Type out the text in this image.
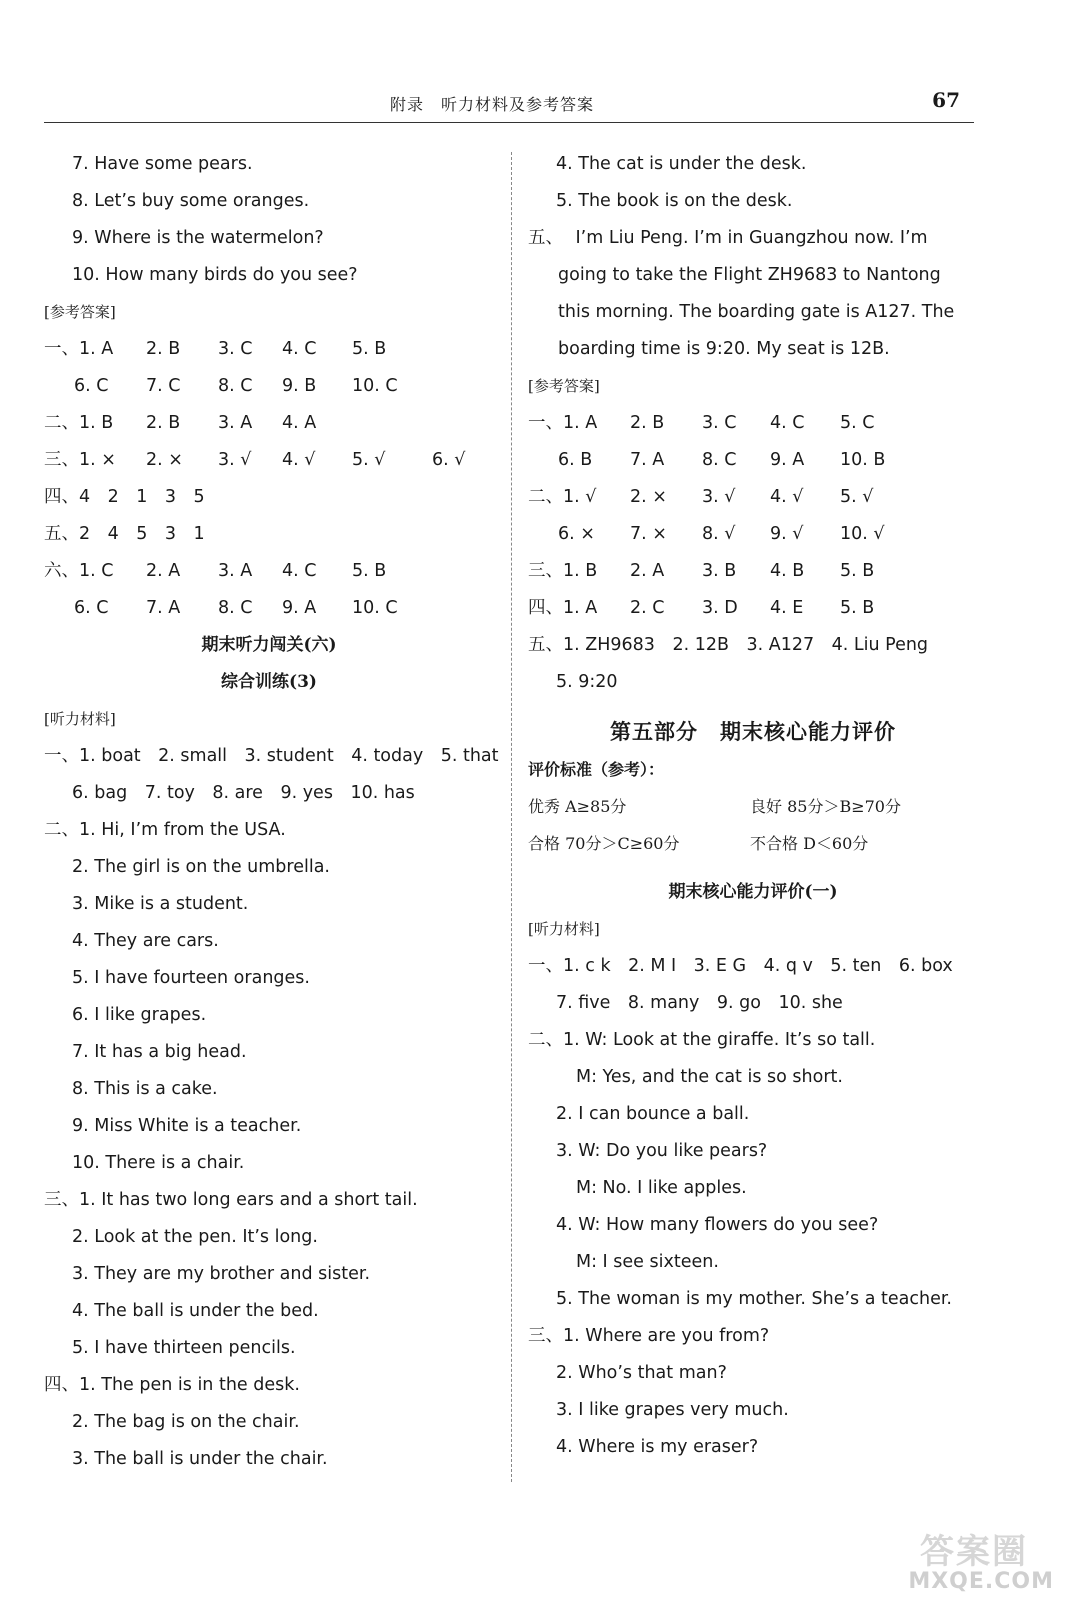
附录　听力材料及参考答案	67
7. Have some pears.
8. Let’s buy some oranges.
9. Where is the watermelon?
10. How many birds do you see?
[参考答案]
一、1. A 2. B 3. C 4. C 5. B
6. C 7. C 8. C 9. B 10. C
二、1. B 2. B 3. A 4. A
三、1. × 2. × 3. √ 4. √ 5. √	6. √
四、4　2　1　3　5
五、2　4　5　3　1
六、1. C 2. A 3. A 4. C 5. B
6. C 7. A 8. C 9. A 10. C
期末听力闯关(六)
综合训练(3)
[听力材料]
一、1. boat　2. small　3. student　4. today　5. that
6. bag　7. toy　8. are　9. yes　10. has
二、1. Hi, I’m from the USA.
2. The girl is on the umbrella.
3. Mike is a student.
4. They are cars.
5. I have fourteen oranges.
6. I like grapes.
7. It has a big head.
8. This is a cake.
9. Miss White is a teacher.
10. There is a chair.
三、1. It has two long ears and a short tail.
2. Look at the pen. It’s long.
3. They are my brother and sister.
4. The ball is under the bed.
5. I have thirteen pencils.
四、1. The pen is in the desk.
2. The bag is on the chair.
3. The ball is under the chair.
4. The cat is under the desk.
5. The book is on the desk.
五、
　I’m Liu Peng. I’m in Guangzhou now. I’m
going to take the Flight ZH9683 to Nantong
this morning. The boarding gate is A127. The
boarding time is 9:20. My seat is 12B.
[参考答案]
一、1. A 2. B 3. C 4. C 5. C
6. B 7. A 8. C 9. A 10. B
二、1. √ 2. × 3. √ 4. √ 5. √
6. × 7. × 8. √ 9. √ 10. √
三、1. B 2. A 3. B 4. B 5. B
四、1. A 2. C 3. D 4. E 5. B
五、1. ZH9683　2. 12B　3. A127　4. Liu Peng
5. 9:20
第五部分　期末核心能力评价
评价标准（参考）：
优秀 A≥85分	良好 85分＞B≥70分
合格 70分＞C≥60分	不合格 D＜60分
期末核心能力评价(一)
[听力材料]
一、1. c k　2. M I　3. E G　4. q v　5. ten　6. box
7. five　8. many　9. go　10. she
二、1. W: Look at the giraffe. It’s so tall.
M: Yes, and the cat is so short.
2. I can bounce a ball.
3. W: Do you like pears?
M: No. I like apples.
4. W: How many flowers do you see?
M: I see sixteen.
5. The woman is my mother. She’s a teacher.
三、1. Where are you from?
2. Who’s that man?
3. I like grapes very much.
4. Where is my eraser?
答案圈
MXQE.COM
